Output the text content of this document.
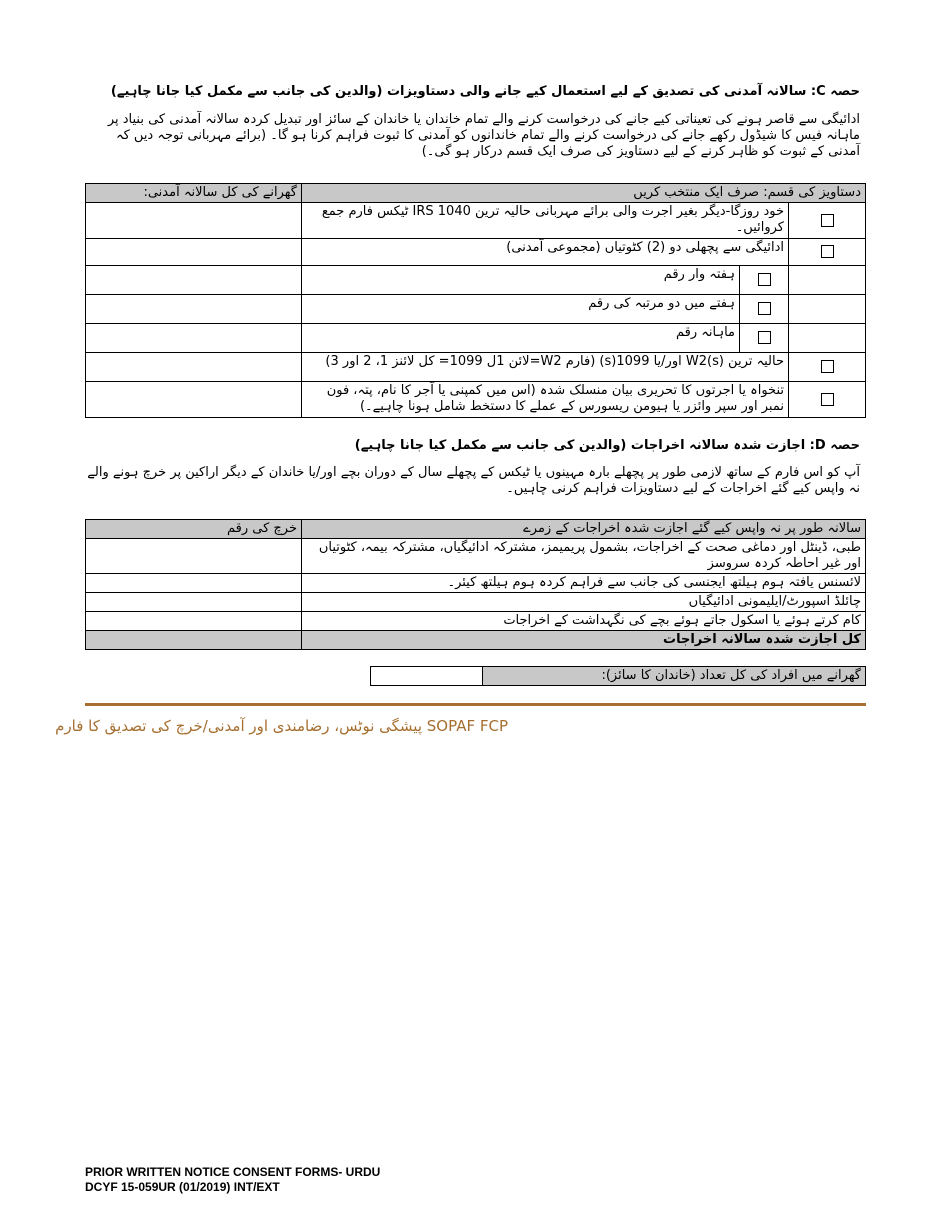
حصہ C: سالانہ آمدنی کی تصدیق کے لیے استعمال کیے جانے والی دستاویزات (والدین کی جانب سے مکمل کیا جانا چاہیے)
ادائیگی سے قاصر ہونے کی تعیناتی کیے جانے کی درخواست کرنے والے تمام خاندان یا خاندان کے سائز اور تبدیل کردہ سالانہ آمدنی کی بنیاد پر ماہانہ فیس کا شیڈول رکھے جانے کی درخواست کرنے والے تمام خاندانوں کو آمدنی کا ثبوت فراہم کرنا ہو گا۔ (برائے مہربانی توجہ دیں کہ آمدنی کے ثبوت کو ظاہر کرنے کے لیے دستاویز کی صرف ایک قسم درکار ہو گی۔)
دستاویز کی قسم: صرف ایک منتخب کریں			گھرانے کی کل سالانہ آمدنی:
	خود روزگا-دیگر بغیر اجرت والی برائے مہربانی حالیہ ترین IRS 1040 ٹیکس فارم جمع کروائیں۔		
	ادائیگی سے پچھلی دو (2) کٹوتیاں (مجموعی آمدنی)		
		ہفتہ وار رقم	
		ہفتے میں دو مرتبہ کی رقم	
		ماہانہ رقم	
	حالیہ ترین W2(s) اور/یا 1099(s) (فارم W2=لائن 1ل 1099= کل لائنز 1، 2 اور 3)		
	تنخواہ یا اجرتوں کا تحریری بیان منسلک شدہ (اس میں کمپنی یا آجر کا نام، پتہ، فون نمبر اور سپر وائزر یا ہیومن ریسورس کے عملے کا دستخط شامل ہونا چاہیے۔)		
حصہ D: اجازت شدہ سالانہ اخراجات (والدین کی جانب سے مکمل کیا جانا چاہیے)
آپ کو اس فارم کے ساتھ لازمی طور پر پچھلے بارہ مہینوں یا ٹیکس کے پچھلے سال کے دوران بچے اور/یا خاندان کے دیگر اراکین پر خرچ ہونے والے نہ واپس کیے گئے اخراجات کے لیے دستاویزات فراہم کرنی چاہیں۔
سالانہ طور پر نہ واپس کیے گئے اجازت شدہ اخراجات کے زمرے	خرچ کی رقم
طبی، ڈینٹل اور دماغی صحت کے اخراجات، بشمول پریمیمز، مشترکہ ادائیگیاں، مشترکہ بیمہ، کٹوتیاں اور غیر احاطہ کردہ سروسز	
لائسنس یافتہ ہوم ہیلتھ ایجنسی کی جانب سے فراہم کردہ ہوم ہیلتھ کیئر۔	
چائلڈ اسپورٹ/ایلیمونی ادائیگیاں	
کام کرتے ہوئے یا اسکول جاتے ہوئے بچے کی نگہداشت کے اخراجات	
کل اجازت شدہ سالانہ اخراجات	
گھرانے میں افراد کی کل تعداد (خاندان کا سائز):	
SOPAF FCP پیشگی نوٹس، رضامندی اور آمدنی/خرچ کی تصدیق کا فارم
PRIOR WRITTEN NOTICE CONSENT FORMS- URDU
DCYF 15-059UR (01/2019) INT/EXT
